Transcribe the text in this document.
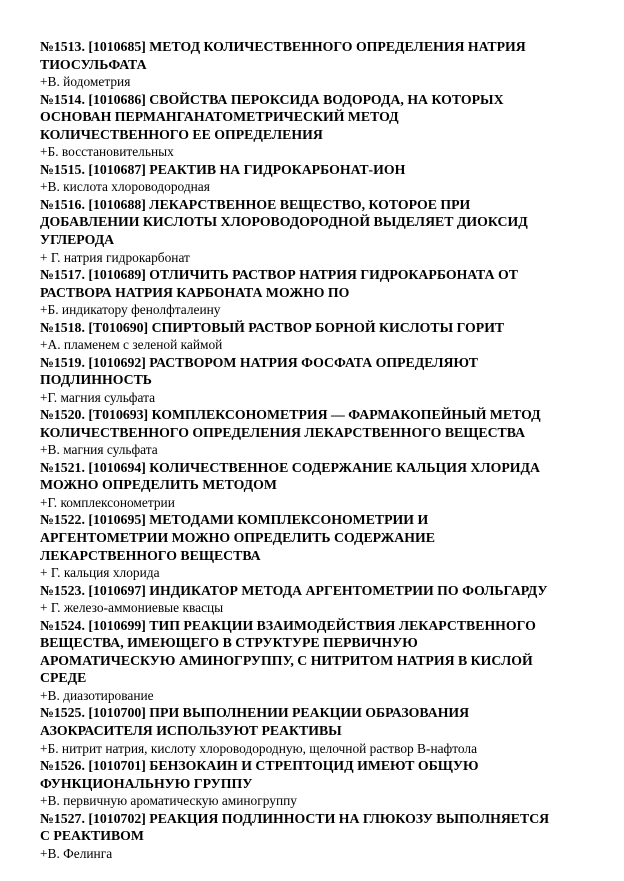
№1513. [1010685] МЕТОД КОЛИЧЕСТВЕННОГО ОПРЕДЕЛЕНИЯ НАТРИЯ
ТИОСУЛЬФАТА

+В. йодометрия

№1514. [1010686] СВОЙСТВА ПЕРОКСИДА ВОДОРОДА, НА КОТОРЫХ
ОСНОВАН ПЕРМАНГАНАТОМЕТРИЧЕСКИЙ МЕТОД
КОЛИЧЕСТВЕННОГО ЕЕ ОПРЕДЕЛЕНИЯ

+Б. восстановительных

№1515. [1010687] РЕАКТИВ НА ГИДРОКАРБОНАТ-ИОН

+В. кислота хлороводородная

№1516. [1010688] ЛЕКАРСТВЕННОЕ ВЕЩЕСТВО, КОТОРОЕ ПРИ
ДОБАВЛЕНИИ КИСЛОТЫ ХЛОРОВОДОРОДНОЙ ВЫДЕЛЯЕТ ДИОКСИД
УГЛЕРОДА

+ Г. натрия гидрокарбонат

№1517. [1010689] ОТЛИЧИТЬ РАСТВОР НАТРИЯ ГИДРОКАРБОНАТА ОТ
РАСТВОРА НАТРИЯ КАРБОНАТА МОЖНО ПО

+Б. индикатору фенолфталеину

№1518. [T010690] СПИРТОВЫЙ РАСТВОР БОРНОЙ КИСЛОТЫ ГОРИТ

+А. пламенем с зеленой каймой

№1519. [1010692] РАСТВОРОМ НАТРИЯ ФОСФАТА ОПРЕДЕЛЯЮТ
ПОДЛИННОСТЬ

+Г. магния сульфата

№1520. [T010693] КОМПЛЕКСОНОМЕТРИЯ — ФАРМАКОПЕЙНЫЙ МЕТОД
КОЛИЧЕСТВЕННОГО ОПРЕДЕЛЕНИЯ ЛЕКАРСТВЕННОГО ВЕЩЕСТВА

+В. магния сульфата

№1521. [1010694] КОЛИЧЕСТВЕННОЕ СОДЕРЖАНИЕ КАЛЬЦИЯ ХЛОРИДА
МОЖНО ОПРЕДЕЛИТЬ МЕТОДОМ

+Г. комплексонометрии

№1522. [1010695] МЕТОДАМИ КОМПЛЕКСОНОМЕТРИИ И
АРГЕНТОМЕТРИИ МОЖНО ОПРЕДЕЛИТЬ СОДЕРЖАНИЕ
ЛЕКАРСТВЕННОГО ВЕЩЕСТВА

+ Г. кальция хлорида

№1523. [1010697] ИНДИКАТОР МЕТОДА АРГЕНТОМЕТРИИ ПО ФОЛЬГАРДУ

+ Г. железо-аммониевые квасцы

№1524. [1010699] ТИП РЕАКЦИИ ВЗАИМОДЕЙСТВИЯ ЛЕКАРСТВЕННОГО
ВЕЩЕСТВА, ИМЕЮЩЕГО В СТРУКТУРЕ ПЕРВИЧНУЮ
АРОМАТИЧЕСКУЮ АМИНОГРУППУ, С НИТРИТОМ НАТРИЯ В КИСЛОЙ
СРЕДЕ

+В. диазотирование

№1525. [1010700] ПРИ ВЫПОЛНЕНИИ РЕАКЦИИ ОБРАЗОВАНИЯ
АЗОКРАСИТЕЛЯ ИСПОЛЬЗУЮТ РЕАКТИВЫ

+Б. нитрит натрия, кислоту хлороводородную, щелочной раствор B-нафтола

№1526. [1010701] БЕНЗОКАИН И СТРЕПТОЦИД ИМЕЮТ ОБЩУЮ
ФУНКЦИОНАЛЬНУЮ ГРУППУ

+В. первичную ароматическую аминогруппу

№1527. [1010702] РЕАКЦИЯ ПОДЛИННОСТИ НА ГЛЮКОЗУ ВЫПОЛНЯЕТСЯ
С РЕАКТИВОМ

+В. Фелинга
